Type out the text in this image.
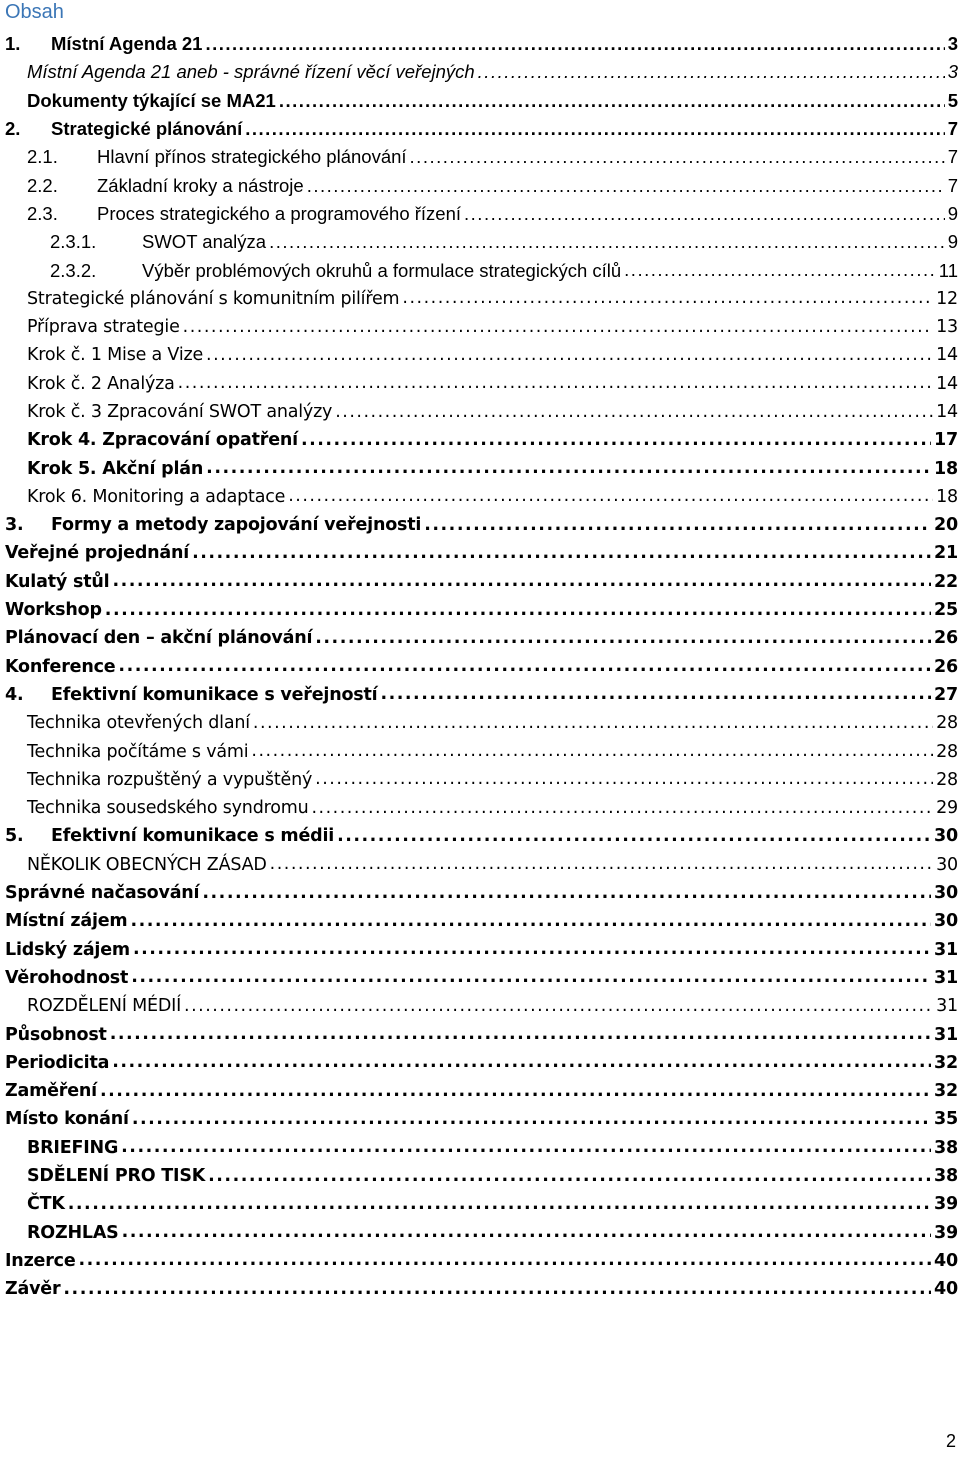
Obsah
1.	Místní Agenda 21 .....	3
Místní Agenda 21 aneb - správné řízení věcí veřejných .....	3
Dokumenty týkající se MA21 .....	5
2.	Strategické plánování .....	7
2.1.	Hlavní přínos strategického plánování .....	7
2.2.	Základní kroky a nástroje .....	7
2.3.	Proces strategického a programového řízení .....	9
2.3.1.	SWOT analýza .....	9
2.3.2.	Výběr problémových okruhů a formulace strategických cílů .....	11
Strategické plánování s komunitním pilířem .....	12
Příprava strategie .....	13
Krok č. 1 Mise a Vize .....	14
Krok č. 2 Analýza .....	14
Krok č. 3 Zpracování SWOT analýzy .....	14
Krok 4. Zpracování opatření .....	17
Krok 5. Akční plán .....	18
Krok 6. Monitoring a adaptace .....	18
3.	Formy a metody zapojování veřejnosti .....	20
Veřejné projednání .....	21
Kulatý stůl .....	22
Workshop .....	25
Plánovací den – akční plánování .....	26
Konference .....	26
4.	Efektivní komunikace s veřejností .....	27
Technika otevřených dlaní .....	28
Technika počítáme s vámi .....	28
Technika rozpuštěný a vypuštěný .....	28
Technika sousedského syndromu .....	29
5.	Efektivní komunikace s médii .....	30
NĚKOLIK OBECNÝCH ZÁSAD .....	30
Správné načasování .....	30
Místní zájem .....	30
Lidský zájem .....	31
Věrohodnost .....	31
ROZDĚLENÍ MÉDIÍ .....	31
Působnost .....	31
Periodicita .....	32
Zaměření .....	32
Místo konání .....	35
BRIEFING .....	38
SDĚLENÍ PRO TISK .....	38
ČTK .....	39
ROZHLAS .....	39
Inzerce .....	40
Závěr .....	40
2
